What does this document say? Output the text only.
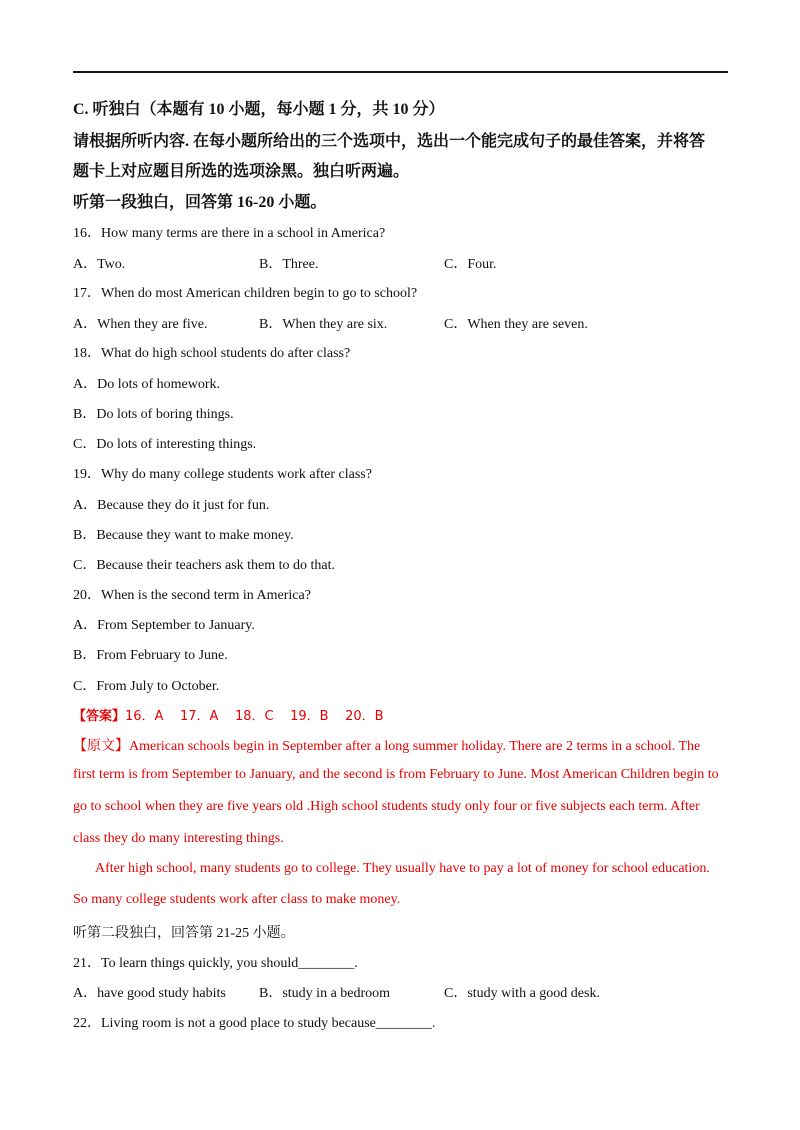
C. 听独白（本题有 10 小题，每小题 1 分，共 10 分）
请根据所听内容. 在每小题所给出的三个选项中，选出一个能完成句子的最佳答案，并将答
题卡上对应题目所选的选项涂黑。独白听两遍。
听第一段独白，回答第 16-20 小题。
16．How many terms are there in a school in America?
A．Two.	B．Three.	C．Four.
17．When do most American children begin to go to school?
A．When they are five.	B．When they are six.	C．When they are seven.
18．What do high school students do after class?
A．Do lots of homework.
B．Do lots of boring things.
C．Do lots of interesting things.
19．Why do many college students work after class?
A．Because they do it just for fun.
B．Because they want to make money.
C．Because their teachers ask them to do that.
20．When is the second term in America?
A．From September to January.
B．From February to June.
C．From July to October.
【答案】16．A    17．A    18．C    19．B    20．B
【原文】American schools begin in September after a long summer holiday. There are 2 terms in a school. The
first term is from September to January, and the second is from February to June. Most American Children begin to
go to school when they are five years old .High school students study only four or five subjects each term. After
class they do many interesting things.
After high school, many students go to college. They usually have to pay a lot of money for school education.
So many college students work after class to make money.
听第二段独白，回答第 21-25 小题。
21．To learn things quickly, you should________.
A．have good study habits B．study in a bedroom	C．study with a good desk.
22．Living room is not a good place to study because________.
